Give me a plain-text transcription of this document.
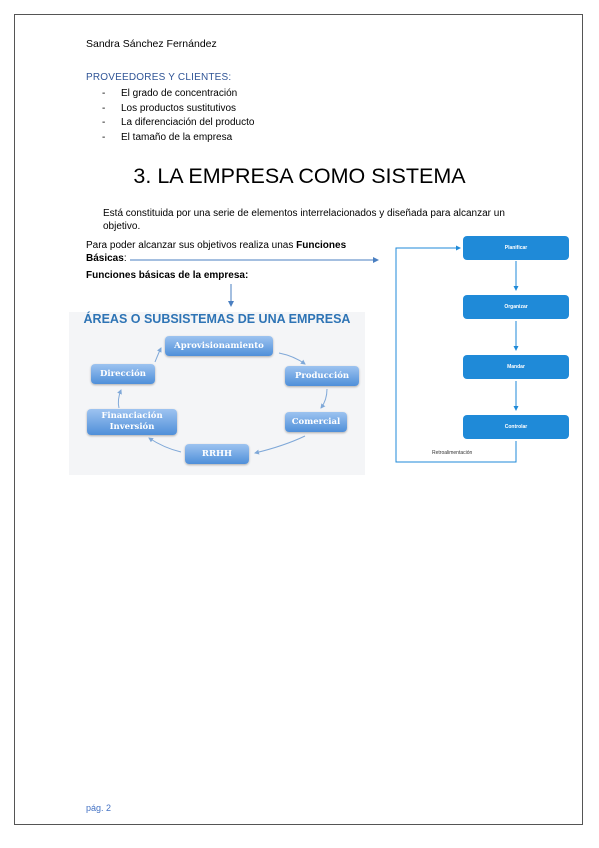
Sandra Sánchez Fernández
PROVEEDORES Y CLIENTES:
- El grado de concentración
- Los productos sustitutivos
- La diferenciación del producto
- El tamaño de la empresa
3. LA EMPRESA COMO SISTEMA
Está constituida por una serie de elementos interrelacionados y diseñada para alcanzar un objetivo.
Para poder alcanzar sus objetivos realiza unas Funciones Básicas:
Funciones básicas de la empresa:
ÁREAS O SUBSISTEMAS DE UNA EMPRESA
Aprovisionamiento
Producción
Comercial
RRHH
Financiación
Inversión
Dirección
Planificar
Organizar
Mandar
Controlar
Retroalimentación
pág. 2
